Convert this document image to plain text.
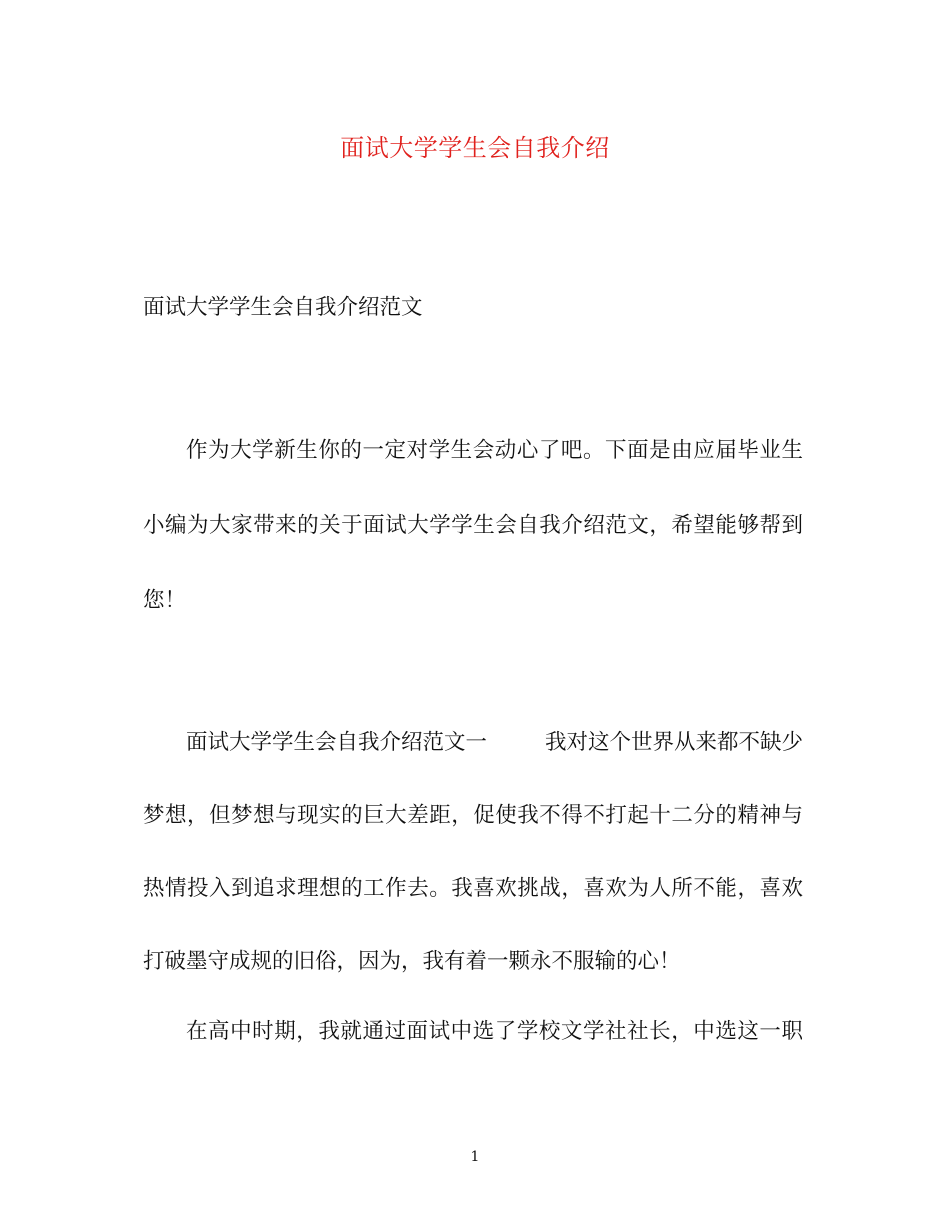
面试大学学生会自我介绍
面试大学学生会自我介绍范文
作为大学新生你的一定对学生会动心了吧。下面是由应届毕业生
小编为大家带来的关于面试大学学生会自我介绍范文，希望能够帮到
您！
面试大学学生会自我介绍范文一	我对这个世界从来都不缺少
梦想，但梦想与现实的巨大差距，促使我不得不打起十二分的精神与
热情投入到追求理想的工作去。我喜欢挑战，喜欢为人所不能，喜欢
打破墨守成规的旧俗，因为，我有着一颗永不服输的心！
在高中时期，我就通过面试中选了学校文学社社长，中选这一职
1
